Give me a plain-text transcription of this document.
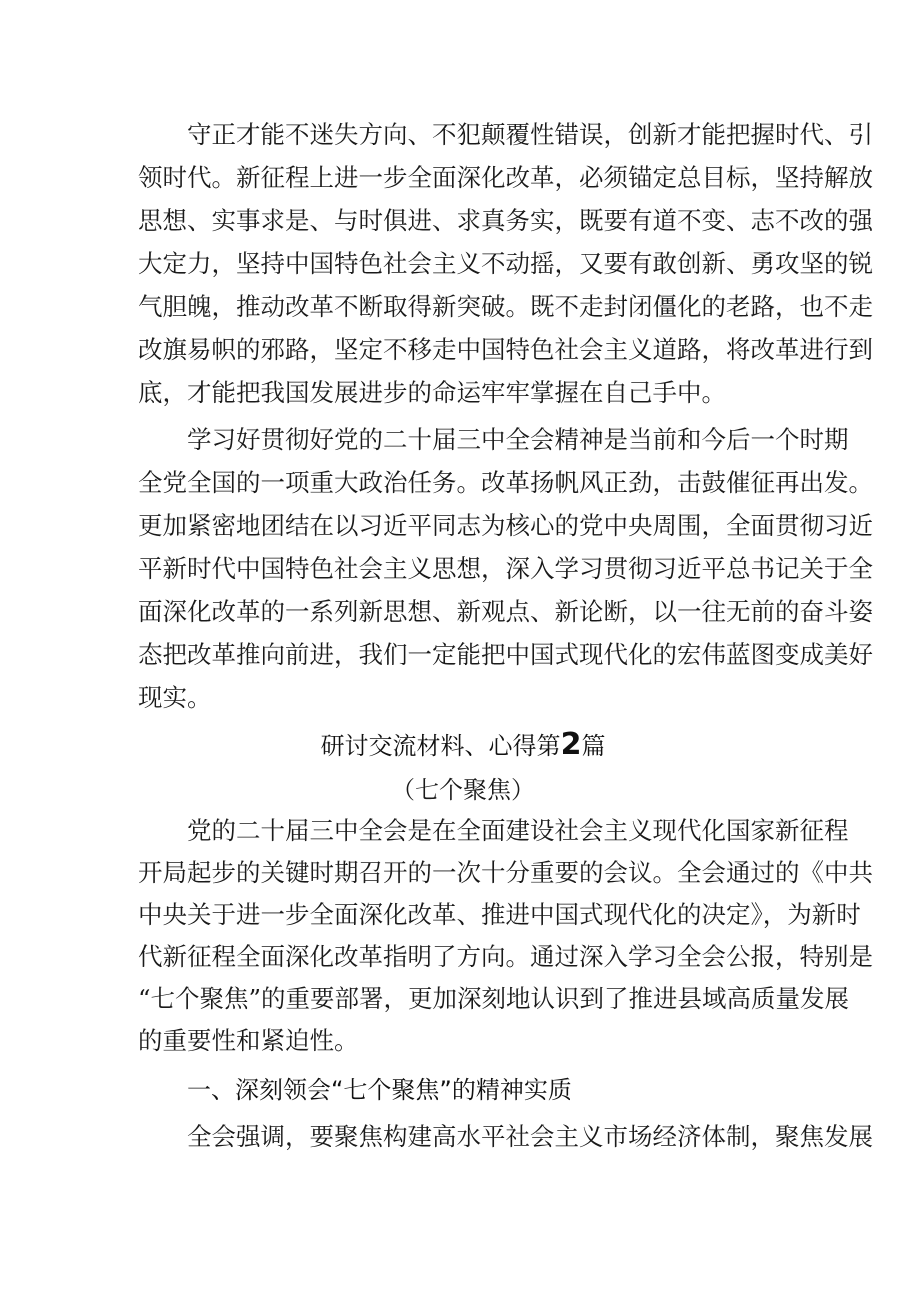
守正才能不迷失方向、不犯颠覆性错误，创新才能把握时代、引

领时代。新征程上进一步全面深化改革，必须锚定总目标，坚持解放

思想、实事求是、与时俱进、求真务实，既要有道不变、志不改的强

大定力，坚持中国特色社会主义不动摇，又要有敢创新、勇攻坚的锐

气胆魄，推动改革不断取得新突破。既不走封闭僵化的老路，也不走

改旗易帜的邪路，坚定不移走中国特色社会主义道路，将改革进行到

底，才能把我国发展进步的命运牢牢掌握在自己手中。

学习好贯彻好党的二十届三中全会精神是当前和今后一个时期

全党全国的一项重大政治任务。改革扬帆风正劲，击鼓催征再出发。

更加紧密地团结在以习近平同志为核心的党中央周围，全面贯彻习近

平新时代中国特色社会主义思想，深入学习贯彻习近平总书记关于全

面深化改革的一系列新思想、新观点、新论断，以一往无前的奋斗姿

态把改革推向前进，我们一定能把中国式现代化的宏伟蓝图变成美好

现实。

研讨交流材料、心得第2篇

（七个聚焦）

党的二十届三中全会是在全面建设社会主义现代化国家新征程

开局起步的关键时期召开的一次十分重要的会议。全会通过的《中共

中央关于进一步全面深化改革、推进中国式现代化的决定》，为新时

代新征程全面深化改革指明了方向。通过深入学习全会公报，特别是

“七个聚焦”的重要部署，更加深刻地认识到了推进县域高质量发展

的重要性和紧迫性。

一、深刻领会“七个聚焦”的精神实质

全会强调，要聚焦构建高水平社会主义市场经济体制，聚焦发展
